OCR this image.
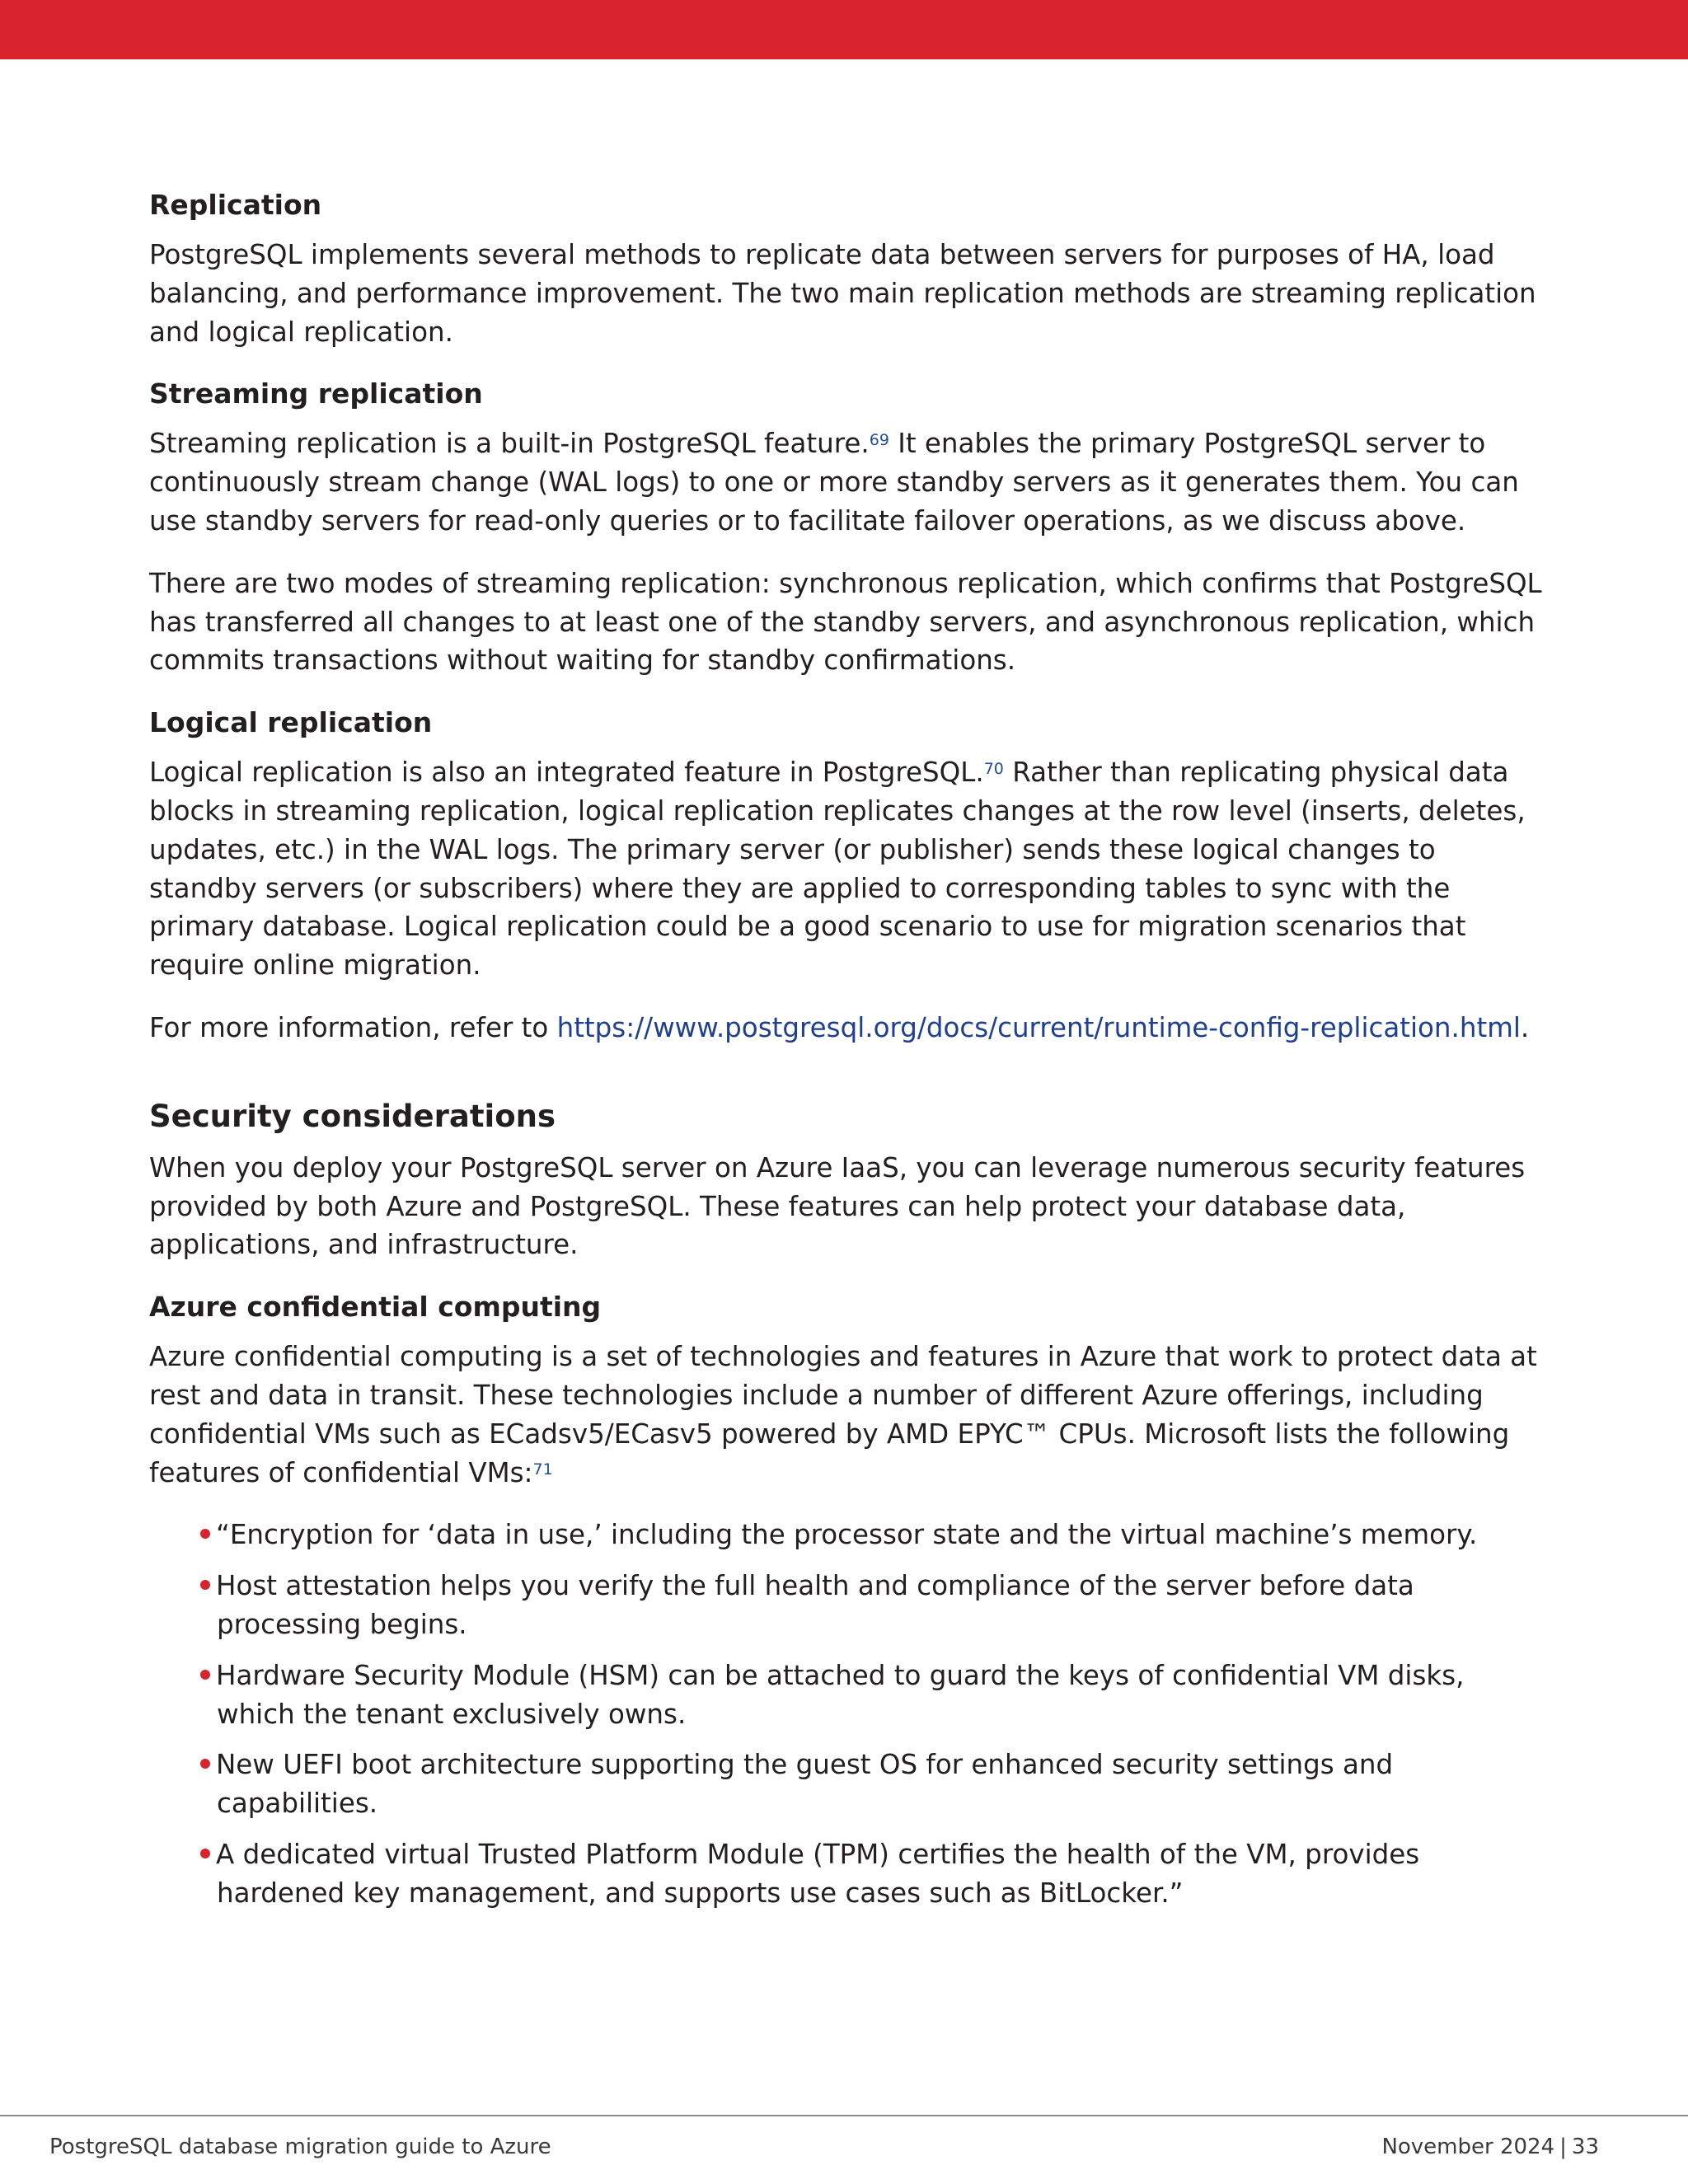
Replication

PostgreSQL implements several methods to replicate data between servers for purposes of HA, load balancing, and performance improvement. The two main replication methods are streaming replication and logical replication.

Streaming replication

Streaming replication is a built-in PostgreSQL feature.$^{69}$ It enables the primary PostgreSQL server to continuously stream change (WAL logs) to one or more standby servers as it generates them. You can use standby servers for read-only queries or to facilitate failover operations, as we discuss above.

There are two modes of streaming replication: synchronous replication, which confirms that PostgreSQL has transferred all changes to at least one of the standby servers, and asynchronous replication, which commits transactions without waiting for standby confirmations.

Logical replication

Logical replication is also an integrated feature in PostgreSQL.$^{70}$ Rather than replicating physical data blocks in streaming replication, logical replication replicates changes at the row level (inserts, deletes, updates, etc.) in the WAL logs. The primary server (or publisher) sends these logical changes to standby servers (or subscribers) where they are applied to corresponding tables to sync with the primary database. Logical replication could be a good scenario to use for migration scenarios that require online migration.

For more information, refer to https://www.postgresql.org/docs/current/runtime-config-replication.html.

Security considerations

When you deploy your PostgreSQL server on Azure IaaS, you can leverage numerous security features provided by both Azure and PostgreSQL. These features can help protect your database data, applications, and infrastructure.

Azure confidential computing

Azure confidential computing is a set of technologies and features in Azure that work to protect data at rest and data in transit. These technologies include a number of different Azure offerings, including confidential VMs such as ECadsv5/ECasv5 powered by AMD EPYC™ CPUs. Microsoft lists the following features of confidential VMs:$^{71}$

“Encryption for ‘data in use,’ including the processor state and the virtual machine’s memory.
Host attestation helps you verify the full health and compliance of the server before data processing begins.
Hardware Security Module (HSM) can be attached to guard the keys of confidential VM disks, which the tenant exclusively owns.
New UEFI boot architecture supporting the guest OS for enhanced security settings and capabilities.
A dedicated virtual Trusted Platform Module (TPM) certifies the health of the VM, provides hardened key management, and supports use cases such as BitLocker.”
PostgreSQL database migration guide to Azure	November 2024 | 33
